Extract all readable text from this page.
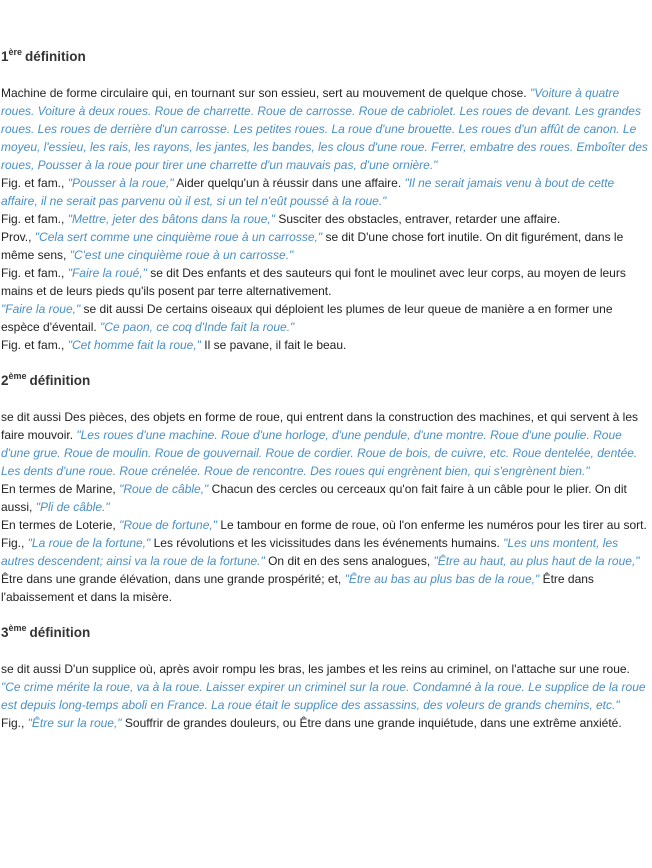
1ère définition

Machine de forme circulaire qui, en tournant sur son essieu, sert au mouvement de quelque chose. "Voiture à quatre roues. Voiture à deux roues. Roue de charrette. Roue de carrosse. Roue de cabriolet. Les roues de devant. Les grandes roues. Les roues de derrière d'un carrosse. Les petites roues. La roue d'une brouette. Les roues d'un affût de canon. Le moyeu, l'essieu, les rais, les rayons, les jantes, les bandes, les clous d'une roue. Ferrer, embatre des roues. Emboîter des roues, Pousser à la roue pour tirer une charrette d'un mauvais pas, d'une ornière."

Fig. et fam., "Pousser à la roue," Aider quelqu'un à réussir dans une affaire. "Il ne serait jamais venu à bout de cette affaire, il ne serait pas parvenu où il est, si un tel n'eût poussé à la roue."

Fig. et fam., "Mettre, jeter des bâtons dans la roue," Susciter des obstacles, entraver, retarder une affaire.

Prov., "Cela sert comme une cinquième roue à un carrosse," se dit D'une chose fort inutile. On dit figurément, dans le même sens, "C'est une cinquième roue à un carrosse."

Fig. et fam., "Faire la roué," se dit Des enfants et des sauteurs qui font le moulinet avec leur corps, au moyen de leurs mains et de leurs pieds qu'ils posent par terre alternativement.

"Faire la roue," se dit aussi De certains oiseaux qui déploient les plumes de leur queue de manière a en former une espèce d'éventail. "Ce paon, ce coq d'Inde fait la roue."

Fig. et fam., "Cet homme fait la roue," Il se pavane, il fait le beau.

2ème définition

se dit aussi Des pièces, des objets en forme de roue, qui entrent dans la construction des machines, et qui servent à les faire mouvoir. "Les roues d'une machine. Roue d'une horloge, d'une pendule, d'une montre. Roue d'une poulie. Roue d'une grue. Roue de moulin. Roue de gouvernail. Roue de cordier. Roue de bois, de cuivre, etc. Roue dentelée, dentée. Les dents d'une roue. Roue crénelée. Roue de rencontre. Des roues qui engrènent bien, qui s'engrènent bien."

En termes de Marine, "Roue de câble," Chacun des cercles ou cerceaux qu'on fait faire à un câble pour le plier. On dit aussi, "Pli de câble."

En termes de Loterie, "Roue de fortune," Le tambour en forme de roue, où l'on enferme les numéros pour les tirer au sort.

Fig., "La roue de la fortune," Les révolutions et les vicissitudes dans les événements humains. "Les uns montent, les autres descendent; ainsi va la roue de la fortune." On dit en des sens analogues, "Être au haut, au plus haut de la roue," Être dans une grande élévation, dans une grande prospérité; et, "Être au bas au plus bas de la roue," Être dans l'abaissement et dans la misère.

3ème définition

se dit aussi D'un supplice où, après avoir rompu les bras, les jambes et les reins au criminel, on l'attache sur une roue. "Ce crime mérite la roue, va à la roue. Laisser expirer un criminel sur la roue. Condamné à la roue. Le supplice de la roue est depuis long-temps aboli en France. La roue était le supplice des assassins, des voleurs de grands chemins, etc."

Fig., "Être sur la roue," Souffrir de grandes douleurs, ou Être dans une grande inquiétude, dans une extrême anxiété.
